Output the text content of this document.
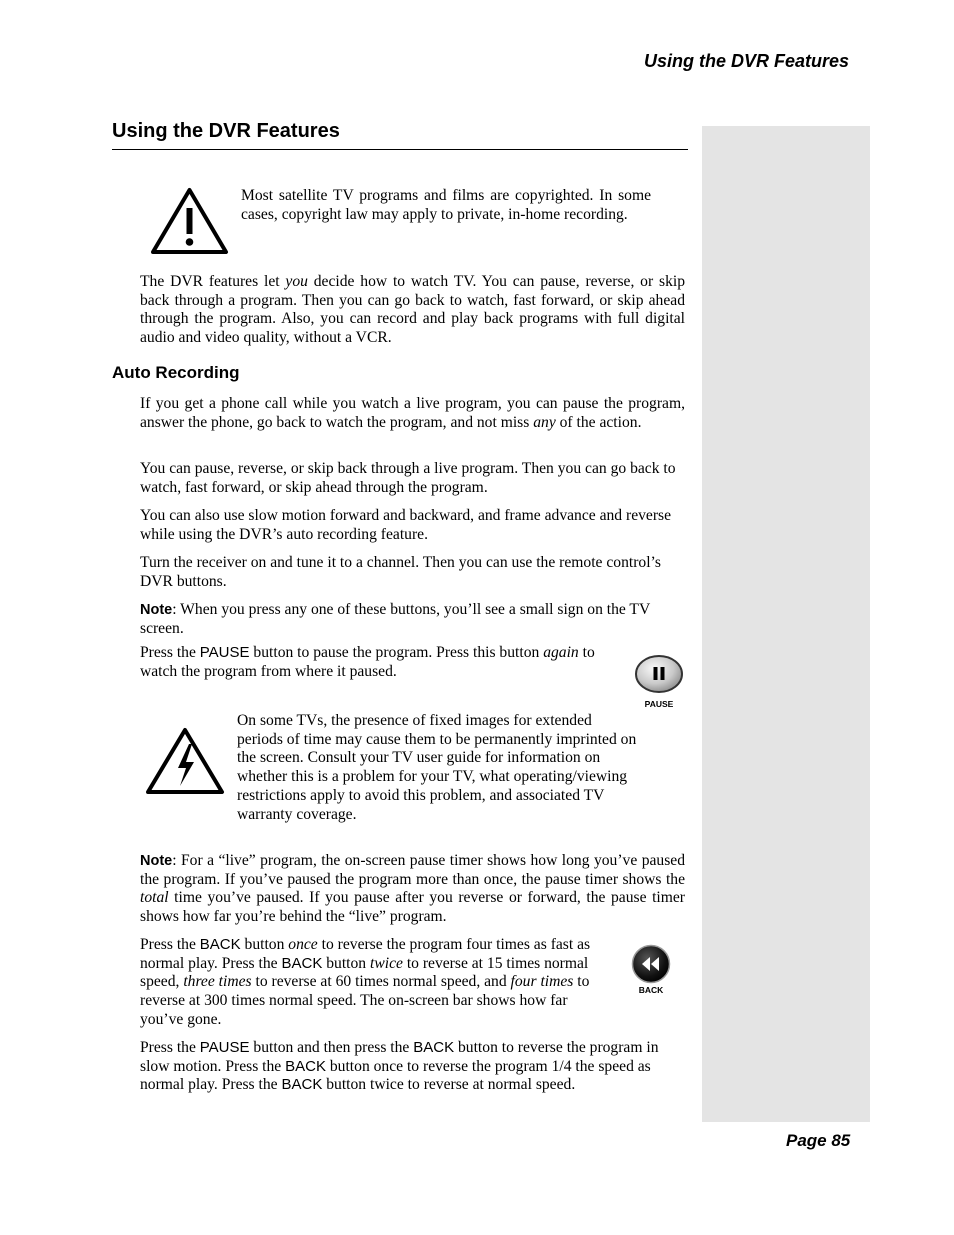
Using the DVR Features
Using the DVR Features

Most satellite TV programs and films are copyrighted. In some cases, copyright law may apply to private, in-home recording.

The DVR features let you decide how to watch TV. You can pause, reverse, or skip back through a program. Then you can go back to watch, fast forward, or skip ahead through the program. Also, you can record and play back programs with full digital audio and video quality, without a VCR.

Auto Recording

If you get a phone call while you watch a live program, you can pause the program, answer the phone, go back to watch the program, and not miss any of the action.

You can pause, reverse, or skip back through a live program. Then you can go back to watch, fast forward, or skip ahead through the program.

You can also use slow motion forward and backward, and frame advance and reverse while using the DVR’s auto recording feature.

Turn the receiver on and tune it to a channel. Then you can use the remote control’s DVR buttons.

Note: When you press any one of these buttons, you’ll see a small sign on the TV screen.

Press the PAUSE button to pause the program. Press this button again to watch the program from where it paused.

PAUSE

On some TVs, the presence of fixed images for extended periods of time may cause them to be permanently imprinted on the screen. Consult your TV user guide for information on whether this is a problem for your TV, what operating/viewing restrictions apply to avoid this problem, and associated TV warranty coverage.

Note: For a “live” program, the on-screen pause timer shows how long you’ve paused the program. If you’ve paused the program more than once, the pause timer shows the total time you’ve paused. If you pause after you reverse or forward, the pause timer shows how far you’re behind the “live” program.

Press the BACK button once to reverse the program four times as fast as normal play. Press the BACK button twice to reverse at 15 times normal speed, three times to reverse at 60 times normal speed, and four times to reverse at 300 times normal speed. The on-screen bar shows how far you’ve gone.

BACK

Press the PAUSE button and then press the BACK button to reverse the program in slow motion. Press the BACK button once to reverse the program 1/4 the speed as normal play. Press the BACK button twice to reverse at normal speed.

Page 85
